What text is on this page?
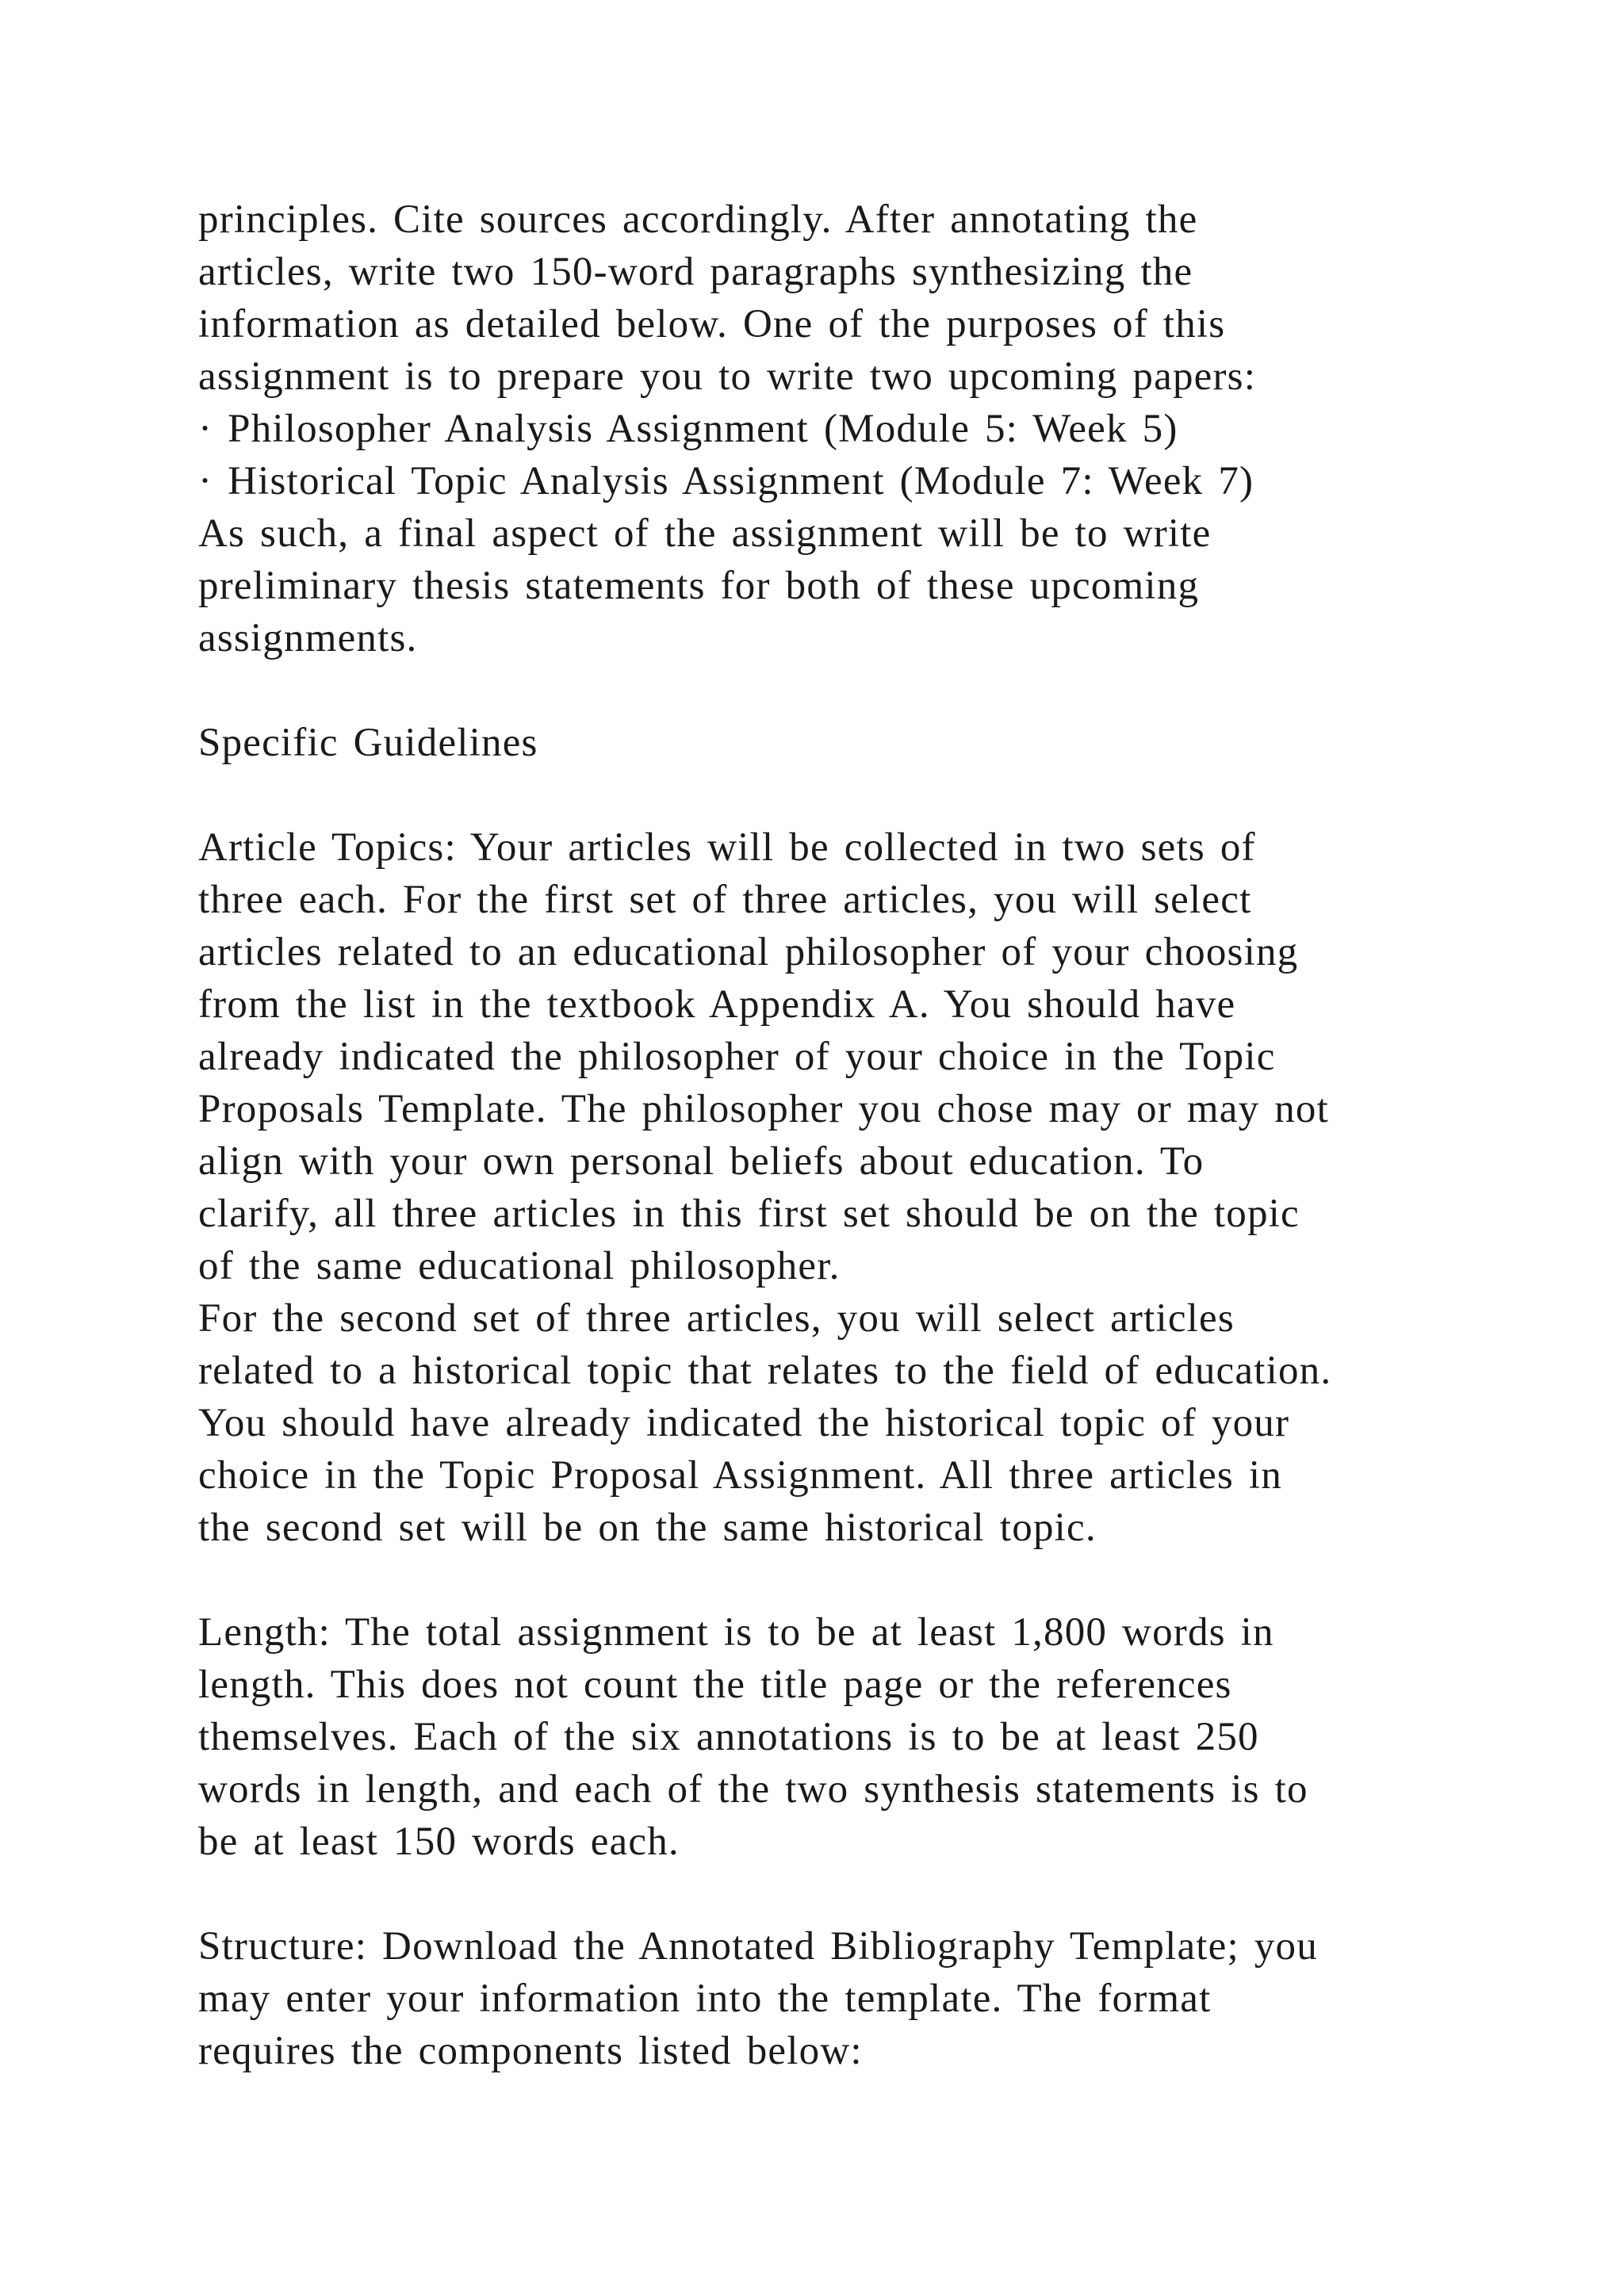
principles. Cite sources accordingly. After annotating the
articles, write two 150-word paragraphs synthesizing the
information as detailed below. One of the purposes of this
assignment is to prepare you to write two upcoming papers:
· Philosopher Analysis Assignment (Module 5: Week 5)
· Historical Topic Analysis Assignment (Module 7: Week 7)
As such, a final aspect of the assignment will be to write
preliminary thesis statements for both of these upcoming
assignments.
Specific Guidelines
Article Topics: Your articles will be collected in two sets of
three each. For the first set of three articles, you will select
articles related to an educational philosopher of your choosing
from the list in the textbook Appendix A. You should have
already indicated the philosopher of your choice in the Topic
Proposals Template. The philosopher you chose may or may not
align with your own personal beliefs about education. To
clarify, all three articles in this first set should be on the topic
of the same educational philosopher.
For the second set of three articles, you will select articles
related to a historical topic that relates to the field of education.
You should have already indicated the historical topic of your
choice in the Topic Proposal Assignment. All three articles in
the second set will be on the same historical topic.
Length: The total assignment is to be at least 1,800 words in
length. This does not count the title page or the references
themselves. Each of the six annotations is to be at least 250
words in length, and each of the two synthesis statements is to
be at least 150 words each.
Structure: Download the Annotated Bibliography Template; you
may enter your information into the template. The format
requires the components listed below:
